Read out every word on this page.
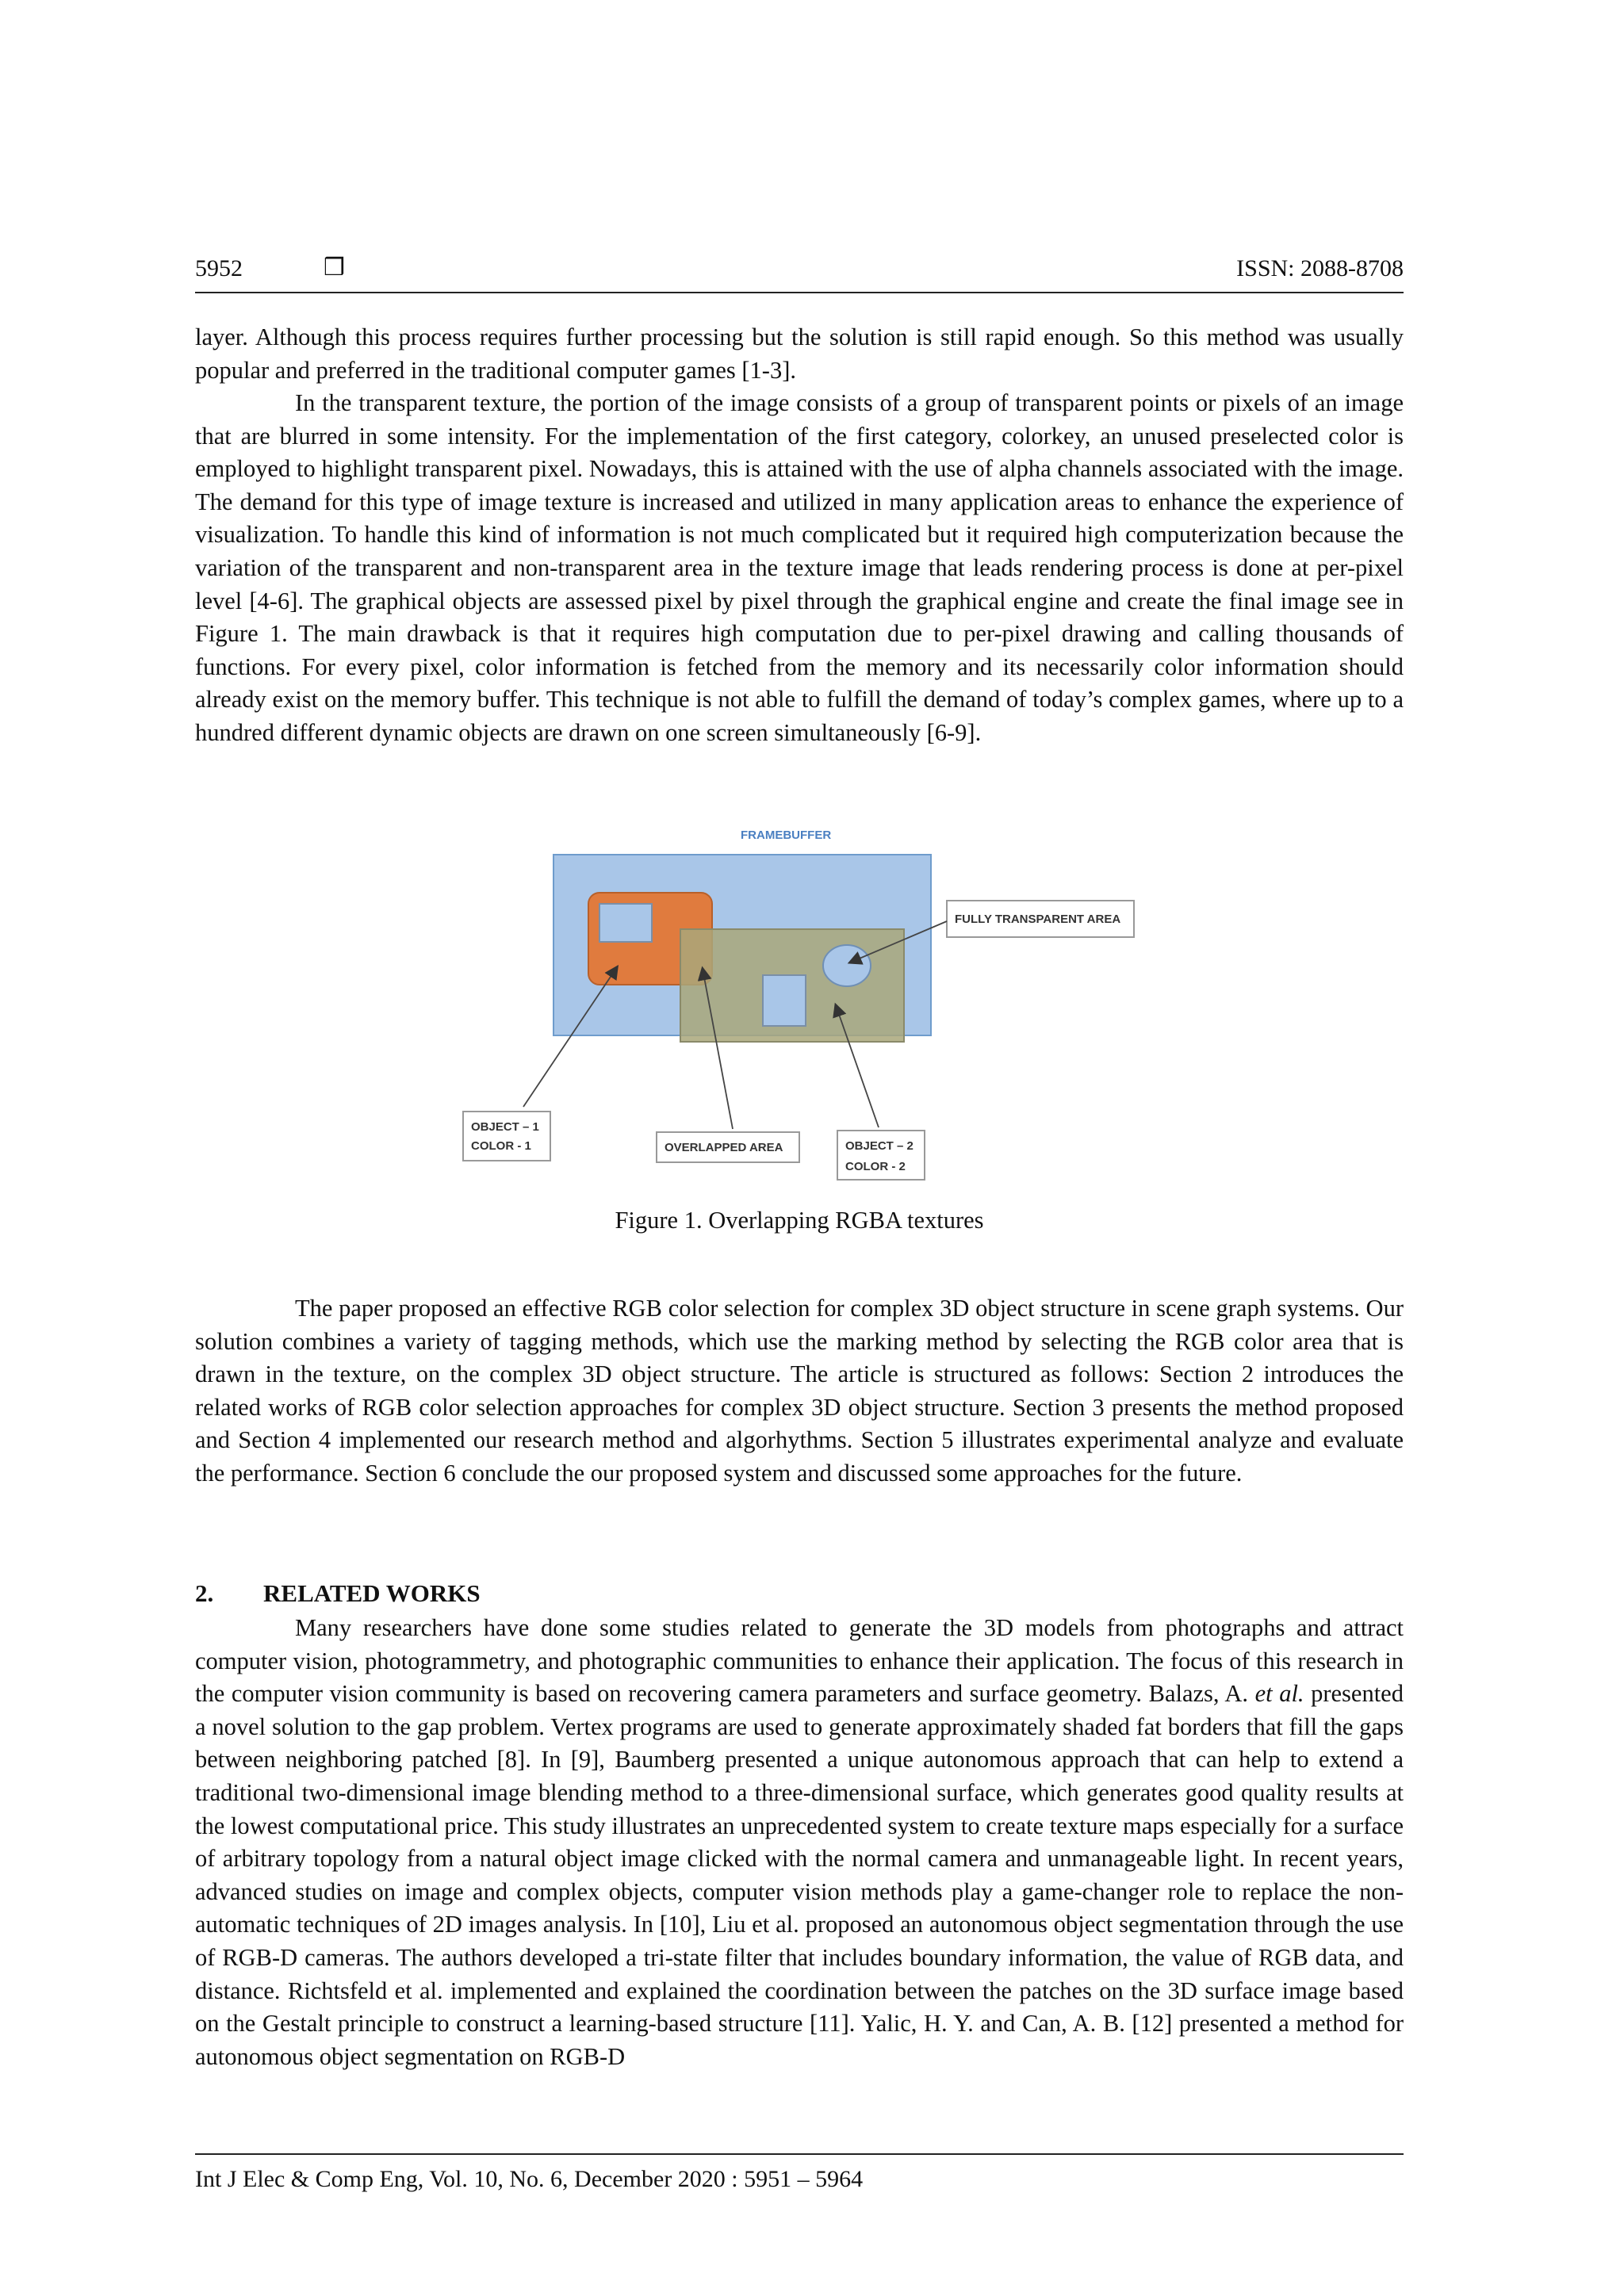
5952	❒	ISSN: 2088-8708

layer. Although this process requires further processing but the solution is still rapid enough. So this method was usually popular and preferred in the traditional computer games [1-3].

In the transparent texture, the portion of the image consists of a group of transparent points or pixels of an image that are blurred in some intensity. For the implementation of the first category, colorkey, an unused preselected color is employed to highlight transparent pixel. Nowadays, this is attained with the use of alpha channels associated with the image. The demand for this type of image texture is increased and utilized in many application areas to enhance the experience of visualization. To handle this kind of information is not much complicated but it required high computerization because the variation of the transparent and non-transparent area in the texture image that leads rendering process is done at per-pixel level [4-6]. The graphical objects are assessed pixel by pixel through the graphical engine and create the final image see in Figure 1. The main drawback is that it requires high computation due to per-pixel drawing and calling thousands of functions. For every pixel, color information is fetched from the memory and its necessarily color information should already exist on the memory buffer. This technique is not able to fulfill the demand of today’s complex games, where up to a hundred different dynamic objects are drawn on one screen simultaneously [6-9].

FRAMEBUFFER
FULLY TRANSPARENT AREA
OBJECT – 1
COLOR - 1	OVERLAPPED AREA	OBJECT – 2
COLOR - 2

Figure 1. Overlapping RGBA textures

The paper proposed an effective RGB color selection for complex 3D object structure in scene graph systems. Our solution combines a variety of tagging methods, which use the marking method by selecting the RGB color area that is drawn in the texture, on the complex 3D object structure. The article is structured as follows: Section 2 introduces the related works of RGB color selection approaches for complex 3D object structure. Section 3 presents the method proposed and Section 4 implemented our research method and algorhythms. Section 5 illustrates experimental analyze and evaluate the performance. Section 6 conclude the our proposed system and discussed some approaches for the future.

2. RELATED WORKS

Many researchers have done some studies related to generate the 3D models from photographs and attract computer vision, photogrammetry, and photographic communities to enhance their application. The focus of this research in the computer vision community is based on recovering camera parameters and surface geometry. Balazs, A. et al. presented a novel solution to the gap problem. Vertex programs are used to generate approximately shaded fat borders that fill the gaps between neighboring patched [8]. In [9], Baumberg presented a unique autonomous approach that can help to extend a traditional two-dimensional image blending method to a three-dimensional surface, which generates good quality results at the lowest computational price. This study illustrates an unprecedented system to create texture maps especially for a surface of arbitrary topology from a natural object image clicked with the normal camera and unmanageable light. In recent years, advanced studies on image and complex objects, computer vision methods play a game-changer role to replace the non-automatic techniques of 2D images analysis. In [10], Liu et al. proposed an autonomous object segmentation through the use of RGB-D cameras. The authors developed a tri-state filter that includes boundary information, the value of RGB data, and distance. Richtsfeld et al. implemented and explained the coordination between the patches on the 3D surface image based on the Gestalt principle to construct a learning-based structure [11]. Yalic, H. Y. and Can, A. B. [12] presented a method for autonomous object segmentation on RGB-D

Int J Elec & Comp Eng, Vol. 10, No. 6, December 2020 : 5951 – 5964
